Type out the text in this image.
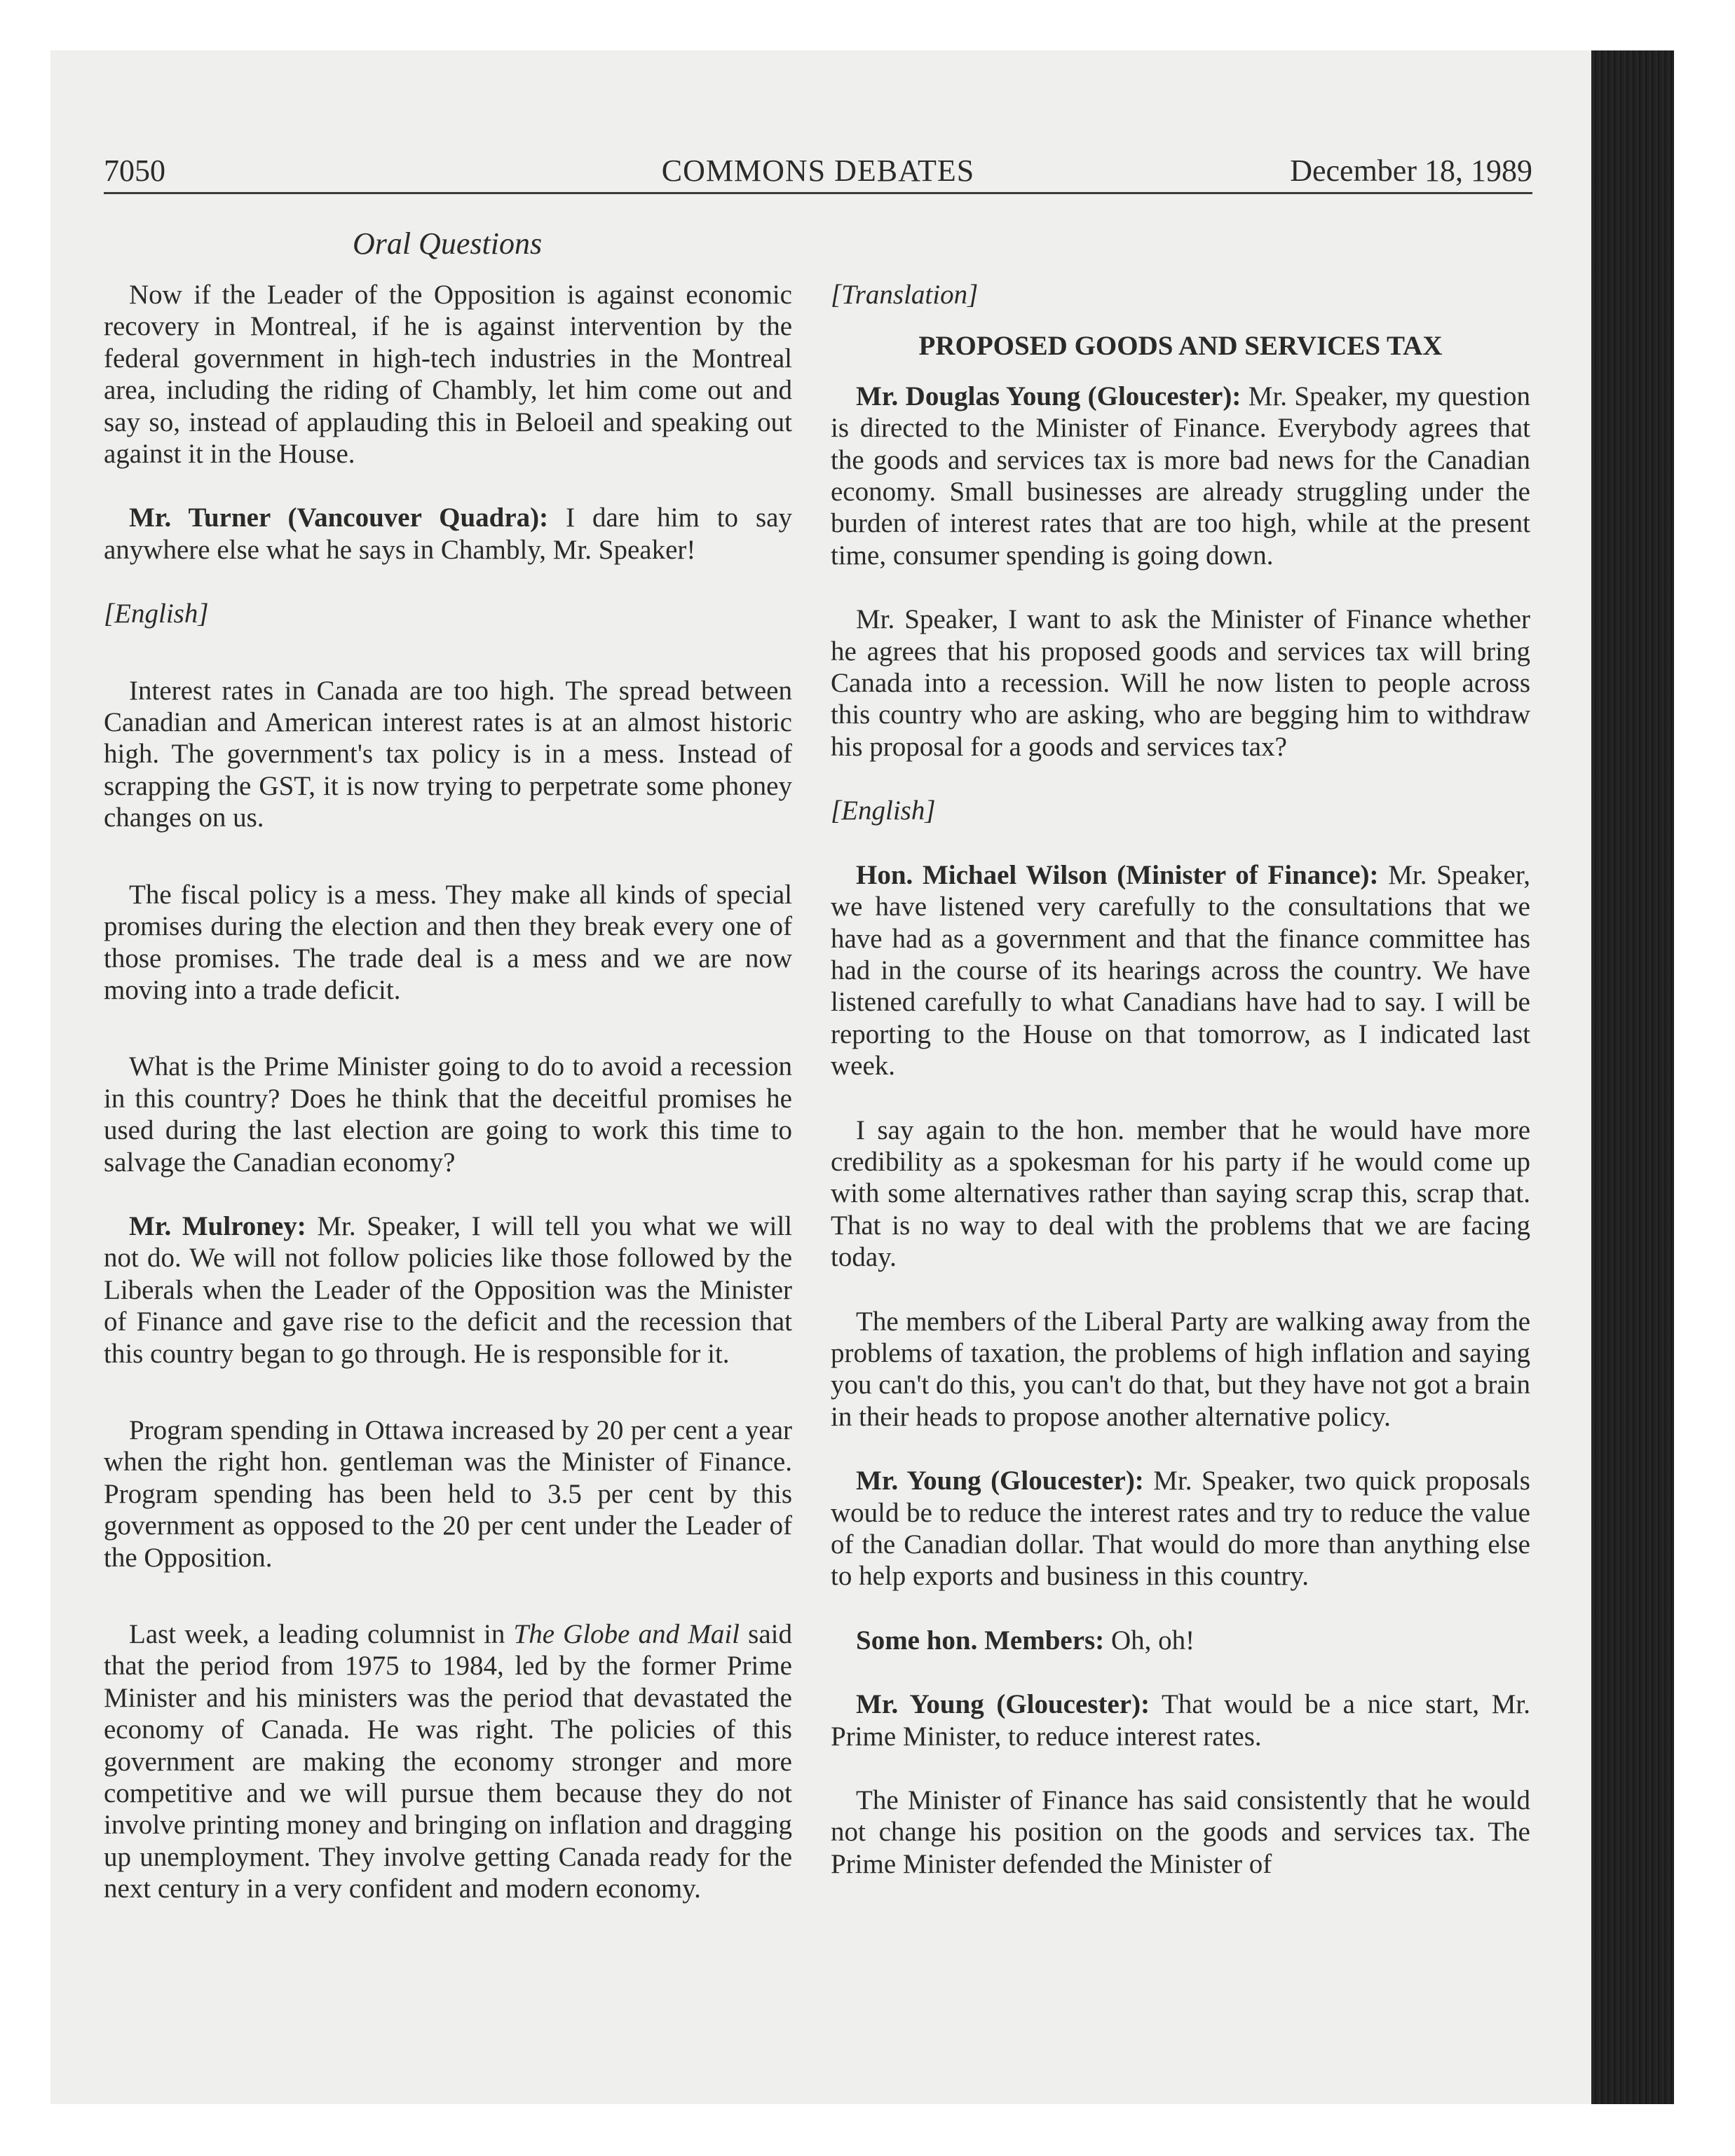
7050	COMMONS DEBATES	December 18, 1989
Oral Questions

Now if the Leader of the Opposition is against economic recovery in Montreal, if he is against intervention by the federal government in high-tech industries in the Montreal area, including the riding of Chambly, let him come out and say so, instead of applauding this in Beloeil and speaking out against it in the House.

Mr. Turner (Vancouver Quadra): I dare him to say anywhere else what he says in Chambly, Mr. Speaker!

[English]

Interest rates in Canada are too high. The spread between Canadian and American interest rates is at an almost historic high. The government's tax policy is in a mess. Instead of scrapping the GST, it is now trying to perpetrate some phoney changes on us.

The fiscal policy is a mess. They make all kinds of special promises during the election and then they break every one of those promises. The trade deal is a mess and we are now moving into a trade deficit.

What is the Prime Minister going to do to avoid a recession in this country? Does he think that the deceitful promises he used during the last election are going to work this time to salvage the Canadian economy?

Mr. Mulroney: Mr. Speaker, I will tell you what we will not do. We will not follow policies like those followed by the Liberals when the Leader of the Opposition was the Minister of Finance and gave rise to the deficit and the recession that this country began to go through. He is responsible for it.

Program spending in Ottawa increased by 20 per cent a year when the right hon. gentleman was the Minister of Finance. Program spending has been held to 3.5 per cent by this government as opposed to the 20 per cent under the Leader of the Opposition.

Last week, a leading columnist in The Globe and Mail said that the period from 1975 to 1984, led by the former Prime Minister and his ministers was the period that devastated the economy of Canada. He was right. The policies of this government are making the economy stronger and more competitive and we will pursue them because they do not involve printing money and bringing on inflation and dragging up unemployment. They involve getting Canada ready for the next century in a very confident and modern economy.

[Translation]

PROPOSED GOODS AND SERVICES TAX

Mr. Douglas Young (Gloucester): Mr. Speaker, my question is directed to the Minister of Finance. Everybody agrees that the goods and services tax is more bad news for the Canadian economy. Small businesses are already struggling under the burden of interest rates that are too high, while at the present time, consumer spending is going down.

Mr. Speaker, I want to ask the Minister of Finance whether he agrees that his proposed goods and services tax will bring Canada into a recession. Will he now listen to people across this country who are asking, who are begging him to withdraw his proposal for a goods and services tax?

[English]

Hon. Michael Wilson (Minister of Finance): Mr. Speaker, we have listened very carefully to the consultations that we have had as a government and that the finance committee has had in the course of its hearings across the country. We have listened carefully to what Canadians have had to say. I will be reporting to the House on that tomorrow, as I indicated last week.

I say again to the hon. member that he would have more credibility as a spokesman for his party if he would come up with some alternatives rather than saying scrap this, scrap that. That is no way to deal with the problems that we are facing today.

The members of the Liberal Party are walking away from the problems of taxation, the problems of high inflation and saying you can't do this, you can't do that, but they have not got a brain in their heads to propose another alternative policy.

Mr. Young (Gloucester): Mr. Speaker, two quick proposals would be to reduce the interest rates and try to reduce the value of the Canadian dollar. That would do more than anything else to help exports and business in this country.

Some hon. Members: Oh, oh!

Mr. Young (Gloucester): That would be a nice start, Mr. Prime Minister, to reduce interest rates.

The Minister of Finance has said consistently that he would not change his position on the goods and services tax. The Prime Minister defended the Minister of
